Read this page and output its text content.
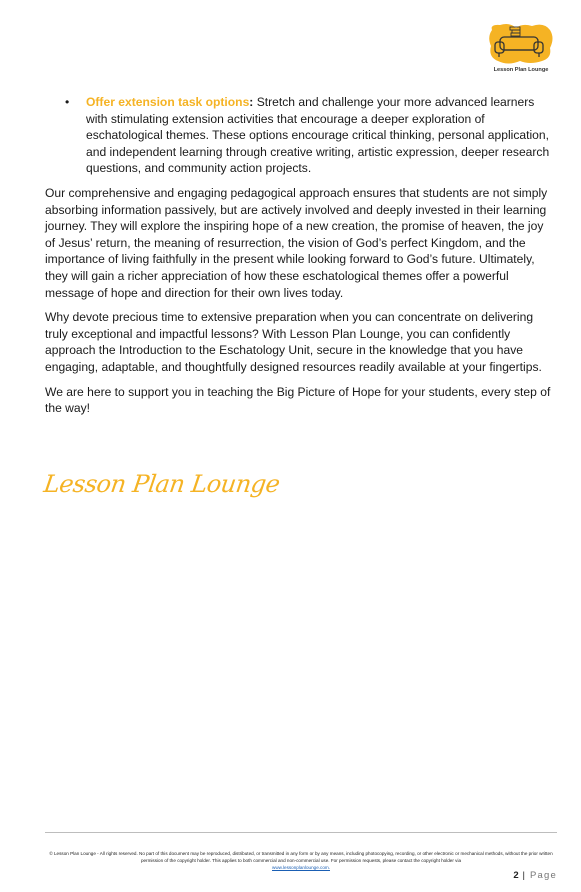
Lesson Plan Lounge
• Offer extension task options: Stretch and challenge your more advanced learners with stimulating extension activities that encourage a deeper exploration of eschatological themes. These options encourage critical thinking, personal application, and independent learning through creative writing, artistic expression, deeper research questions, and community action projects.

Our comprehensive and engaging pedagogical approach ensures that students are not simply absorbing information passively, but are actively involved and deeply invested in their learning journey. They will explore the inspiring hope of a new creation, the promise of heaven, the joy of Jesus’ return, the meaning of resurrection, the vision of God’s perfect Kingdom, and the importance of living faithfully in the present while looking forward to God’s future. Ultimately, they will gain a richer appreciation of how these eschatological themes offer a powerful message of hope and direction for their own lives today.

Why devote precious time to extensive preparation when you can concentrate on delivering truly exceptional and impactful lessons? With Lesson Plan Lounge, you can confidently approach the Introduction to the Eschatology Unit, secure in the knowledge that you have engaging, adaptable, and thoughtfully designed resources readily available at your fingertips.

We are here to support you in teaching the Big Picture of Hope for your students, every step of the way!

Lesson Plan Lounge
© Lesson Plan Lounge - All rights reserved. No part of this document may be reproduced, distributed, or transmitted in any form or by any means, including photocopying, recording, or other electronic or mechanical methods, without the prior written permission of the copyright holder. This applies to both commercial and non-commercial use. For permission requests, please contact the copyright holder via
www.lessonplanlounge.com.
2 | Page
